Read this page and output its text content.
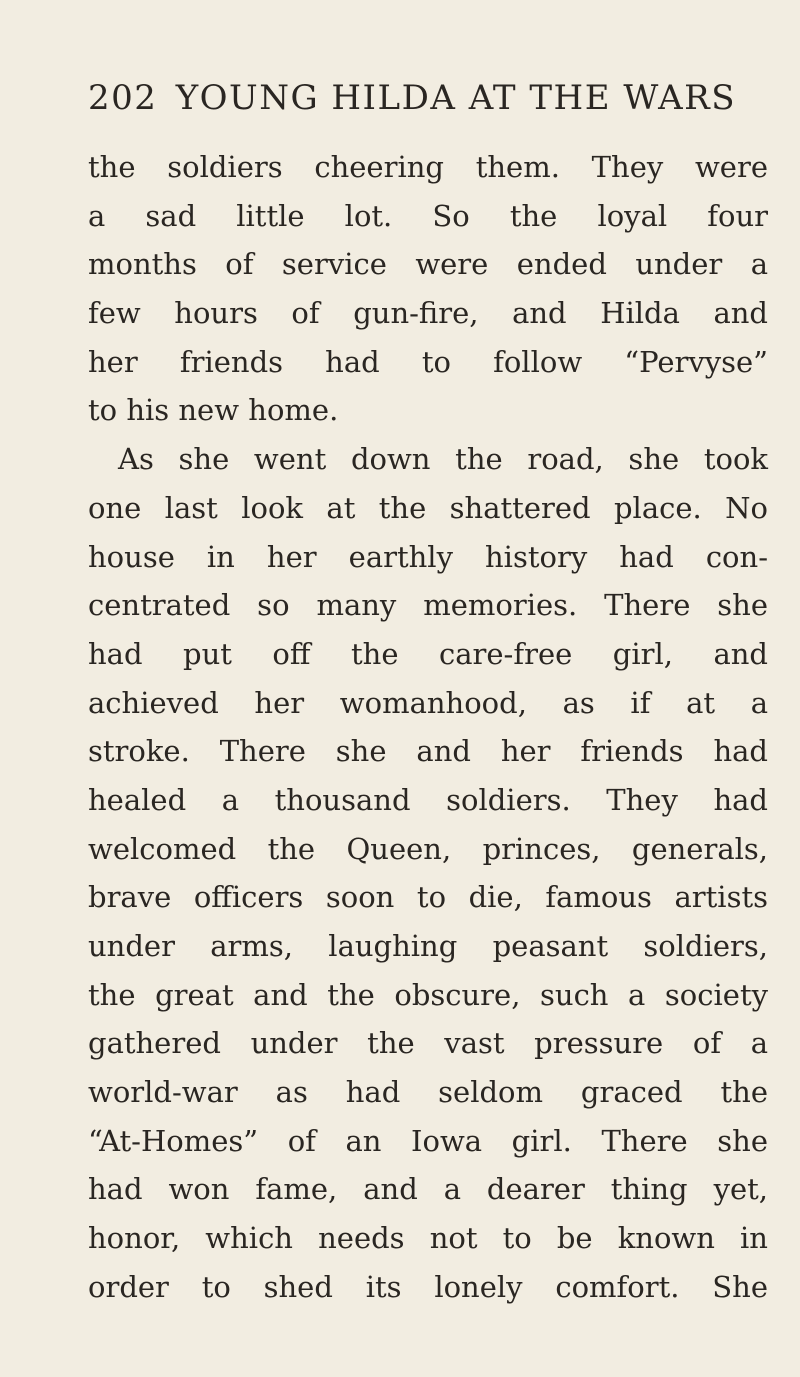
202 YOUNG HILDA AT THE WARS
the soldiers cheering them. They were
a sad little lot. So the loyal four
months of service were ended under a
few hours of gun-fire, and Hilda and
her friends had to follow “Pervyse”
to his new home.
As she went down the road, she took
one last look at the shattered place. No
house in her earthly history had con-
centrated so many memories. There she
had put off the care-free girl, and
achieved her womanhood, as if at a
stroke. There she and her friends had
healed a thousand soldiers. They had
welcomed the Queen, princes, generals,
brave officers soon to die, famous artists
under arms, laughing peasant soldiers,
the great and the obscure, such a society
gathered under the vast pressure of a
world-war as had seldom graced the
“At-Homes” of an Iowa girl. There she
had won fame, and a dearer thing yet,
honor, which needs not to be known in
order to shed its lonely comfort. She
